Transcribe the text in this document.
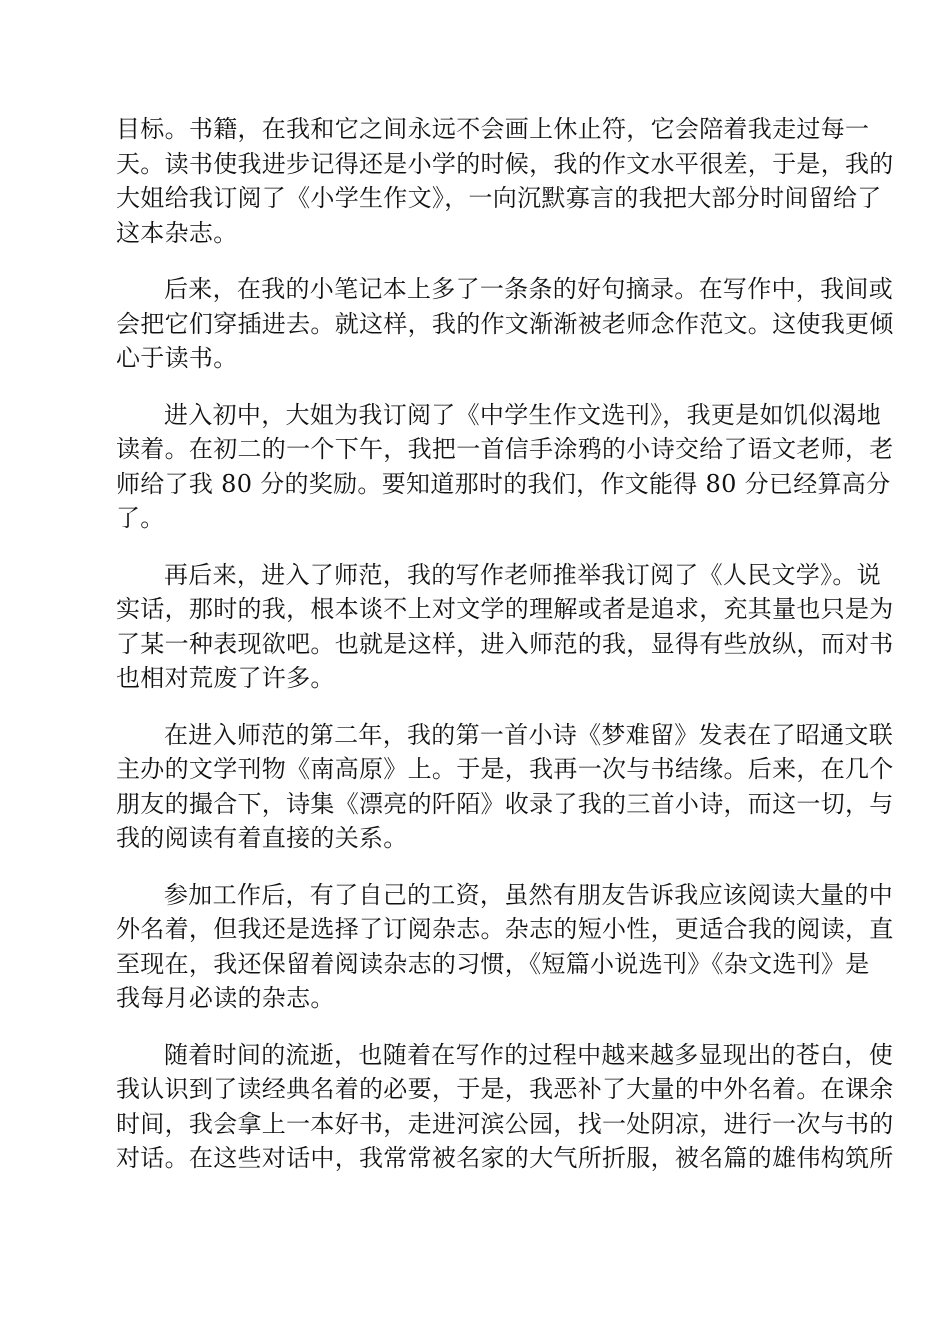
目标。书籍，在我和它之间永远不会画上休止符，它会陪着我走过每一
天。读书使我进步记得还是小学的时候，我的作文水平很差，于是，我的
大姐给我订阅了《小学生作文》，一向沉默寡言的我把大部分时间留给了
这本杂志。

后来，在我的小笔记本上多了一条条的好句摘录。在写作中，我间或
会把它们穿插进去。就这样，我的作文渐渐被老师念作范文。这使我更倾
心于读书。

进入初中，大姐为我订阅了《中学生作文选刊》，我更是如饥似渴地
读着。在初二的一个下午，我把一首信手涂鸦的小诗交给了语文老师，老
师给了我 80 分的奖励。要知道那时的我们，作文能得 80 分已经算高分
了。

再后来，进入了师范，我的写作老师推举我订阅了《人民文学》。说
实话，那时的我，根本谈不上对文学的理解或者是追求，充其量也只是为
了某一种表现欲吧。也就是这样，进入师范的我，显得有些放纵，而对书
也相对荒废了许多。

在进入师范的第二年，我的第一首小诗《梦难留》发表在了昭通文联
主办的文学刊物《南高原》上。于是，我再一次与书结缘。后来，在几个
朋友的撮合下，诗集《漂亮的阡陌》收录了我的三首小诗，而这一切，与
我的阅读有着直接的关系。

参加工作后，有了自己的工资，虽然有朋友告诉我应该阅读大量的中
外名着，但我还是选择了订阅杂志。杂志的短小性，更适合我的阅读，直
至现在，我还保留着阅读杂志的习惯，《短篇小说选刊》《杂文选刊》是
我每月必读的杂志。

随着时间的流逝，也随着在写作的过程中越来越多显现出的苍白，使
我认识到了读经典名着的必要，于是，我恶补了大量的中外名着。在课余
时间，我会拿上一本好书，走进河滨公园，找一处阴凉，进行一次与书的
对话。在这些对话中，我常常被名家的大气所折服，被名篇的雄伟构筑所
